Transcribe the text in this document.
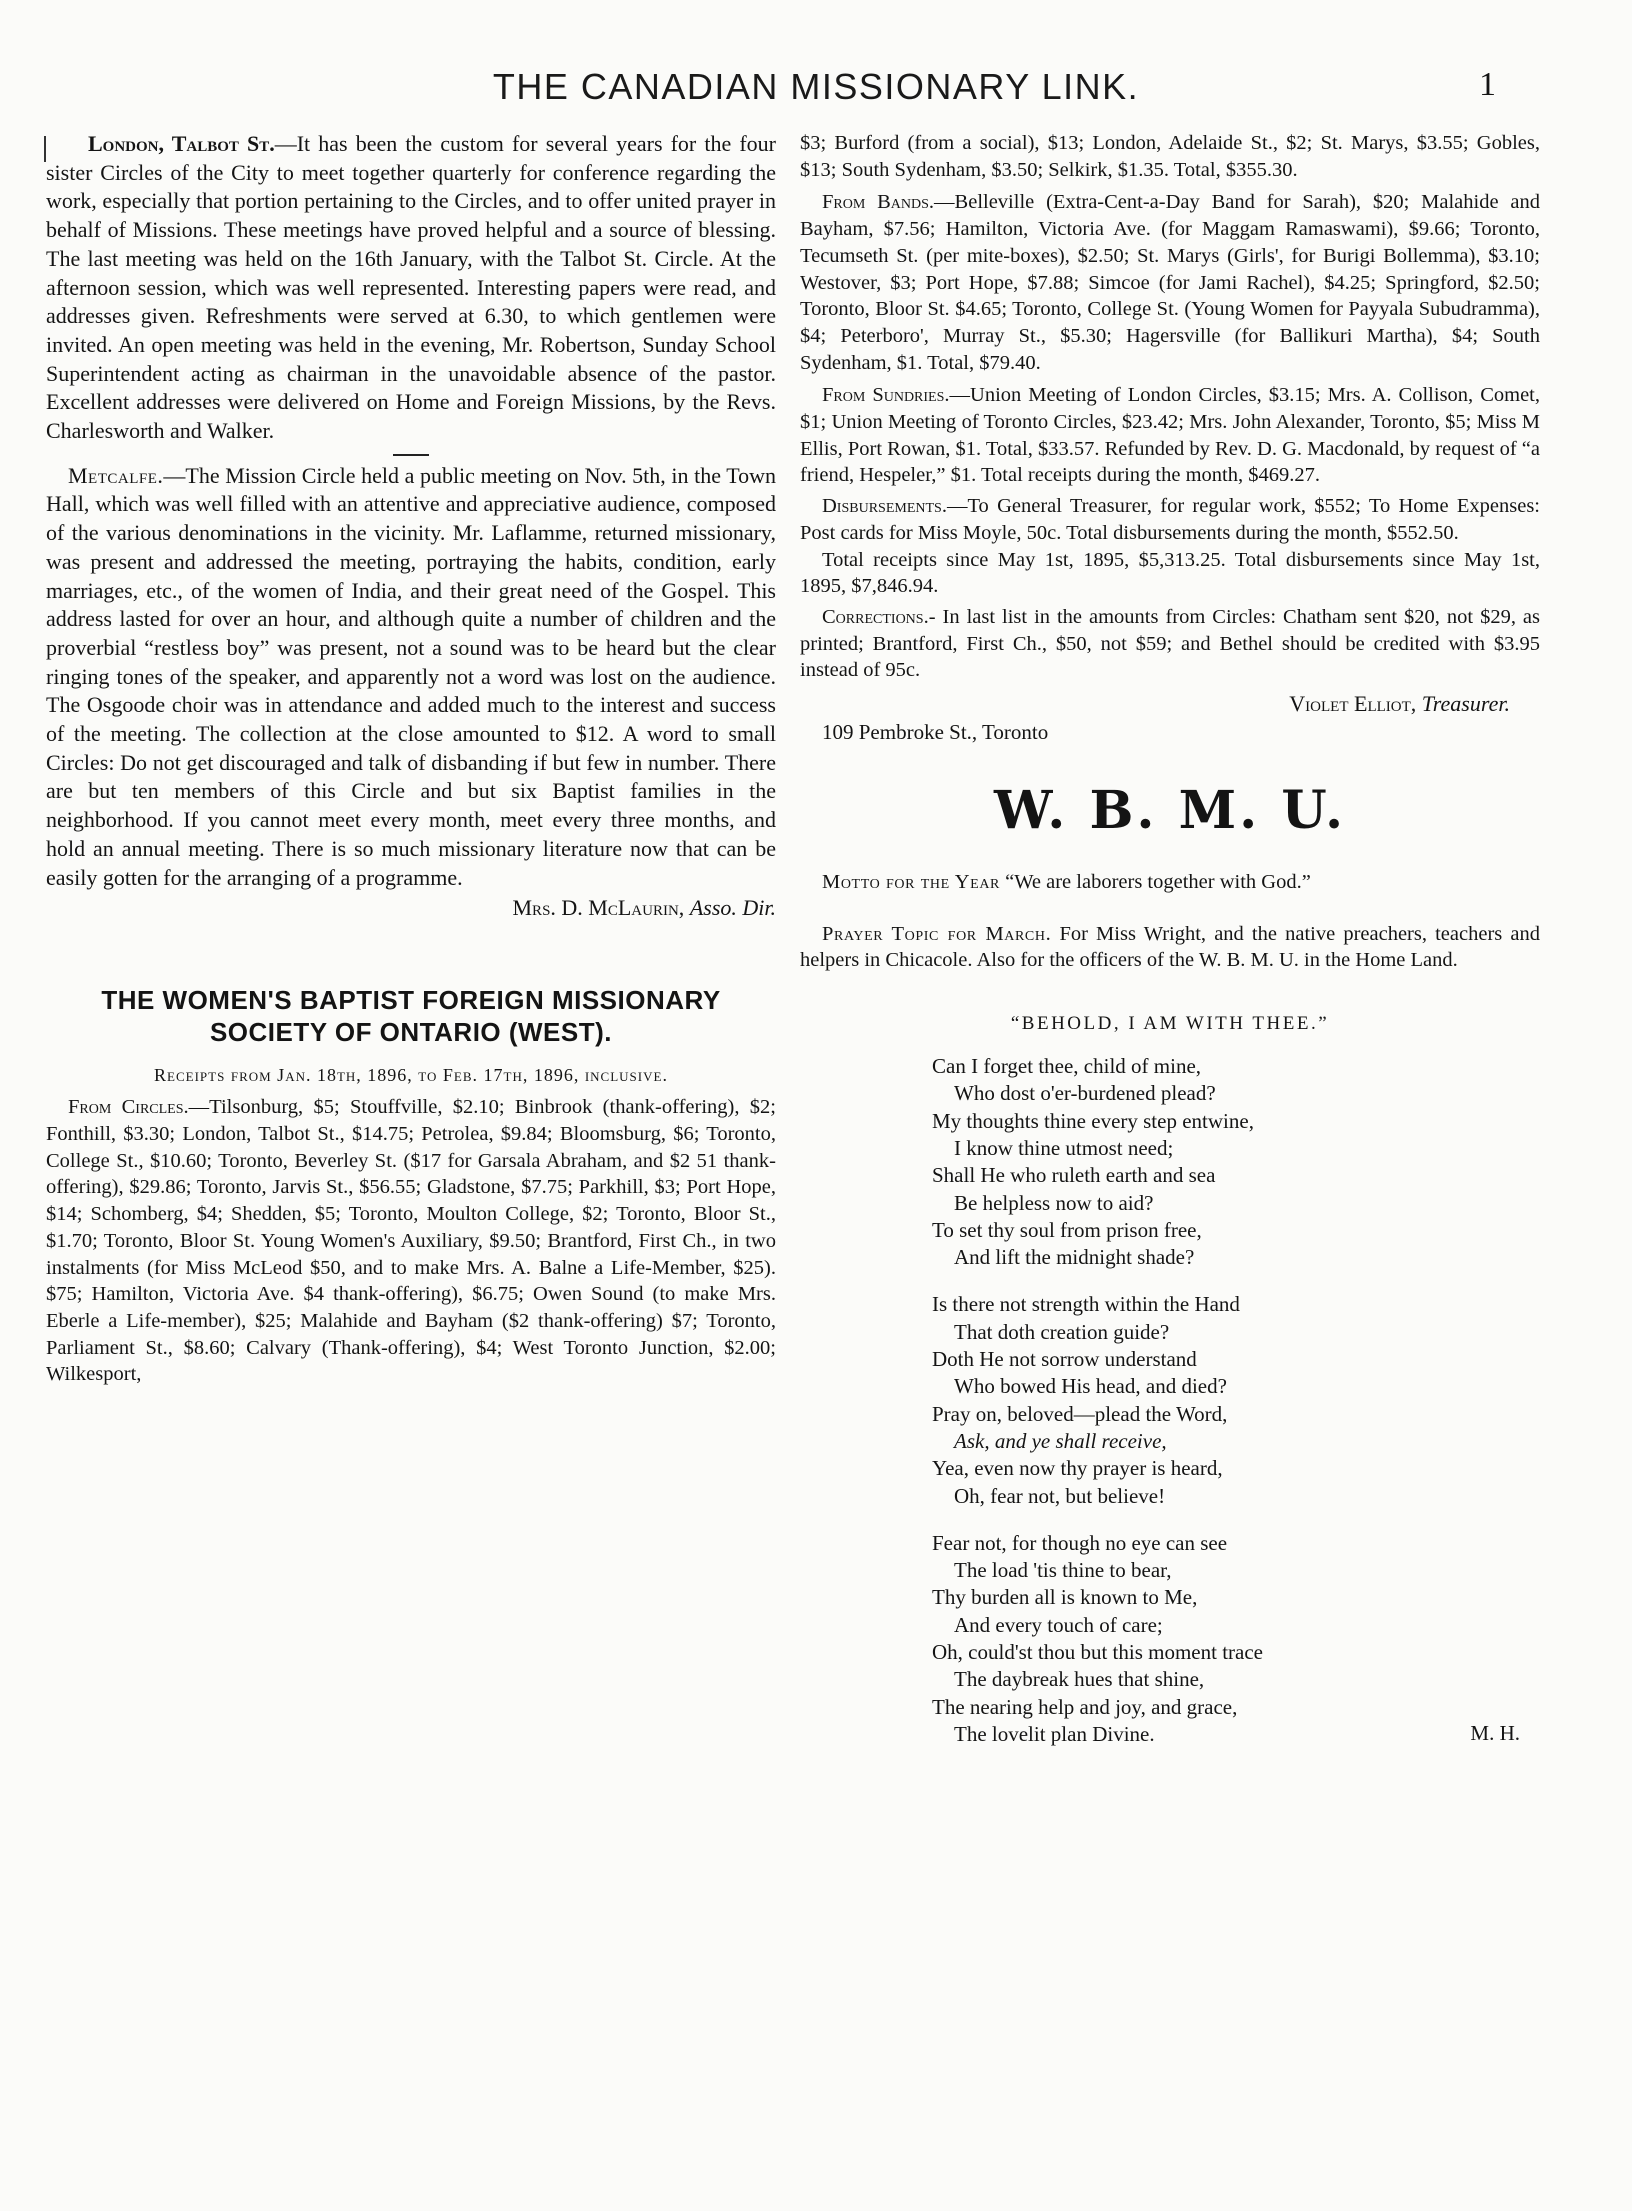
THE CANADIAN MISSIONARY LINK.	1

London, Talbot St.—It has been the custom for several years for the four sister Circles of the City to meet together quarterly for conference regarding the work, especially that portion pertaining to the Circles, and to offer united prayer in behalf of Missions. These meetings have proved helpful and a source of blessing. The last meeting was held on the 16th January, with the Talbot St. Circle. At the afternoon session, which was well represented. Interesting papers were read, and addresses given. Refreshments were served at 6.30, to which gentlemen were invited. An open meeting was held in the evening, Mr. Robertson, Sunday School Superintendent acting as chairman in the unavoidable absence of the pastor. Excellent addresses were delivered on Home and Foreign Missions, by the Revs. Charlesworth and Walker.

Metcalfe.—The Mission Circle held a public meeting on Nov. 5th, in the Town Hall, which was well filled with an attentive and appreciative audience, composed of the various denominations in the vicinity. Mr. Laflamme, returned missionary, was present and addressed the meeting, portraying the habits, condition, early marriages, etc., of the women of India, and their great need of the Gospel. This address lasted for over an hour, and although quite a number of children and the proverbial “restless boy” was present, not a sound was to be heard but the clear ringing tones of the speaker, and apparently not a word was lost on the audience. The Osgoode choir was in attendance and added much to the interest and success of the meeting. The collection at the close amounted to $12. A word to small Circles: Do not get discouraged and talk of disbanding if but few in number. There are but ten members of this Circle and but six Baptist families in the neighborhood. If you cannot meet every month, meet every three months, and hold an annual meeting. There is so much missionary literature now that can be easily gotten for the arranging of a programme.

Mrs. D. McLaurin, Asso. Dir.

THE WOMEN'S BAPTIST FOREIGN MISSIONARY

SOCIETY OF ONTARIO (WEST).

Receipts from Jan. 18th, 1896, to Feb. 17th, 1896, inclusive.

From Circles.—Tilsonburg, $5; Stouffville, $2.10; Binbrook (thank-offering), $2; Fonthill, $3.30; London, Talbot St., $14.75; Petrolea, $9.84; Bloomsburg, $6; Toronto, College St., $10.60; Toronto, Beverley St. ($17 for Garsala Abraham, and $2 51 thank-offering), $29.86; Toronto, Jarvis St., $56.55; Gladstone, $7.75; Parkhill, $3; Port Hope, $14; Schomberg, $4; Shedden, $5; Toronto, Moulton College, $2; Toronto, Bloor St., $1.70; Toronto, Bloor St. Young Women's Auxiliary, $9.50; Brantford, First Ch., in two instalments (for Miss McLeod $50, and to make Mrs. A. Balne a Life-Member, $25). $75; Hamilton, Victoria Ave. $4 thank-offering), $6.75; Owen Sound (to make Mrs. Eberle a Life-member), $25; Malahide and Bayham ($2 thank-offering) $7; Toronto, Parliament St., $8.60; Calvary (Thank-offering), $4; West Toronto Junction, $2.00; Wilkesport,

$3; Burford (from a social), $13; London, Adelaide St., $2; St. Marys, $3.55; Gobles, $13; South Sydenham, $3.50; Selkirk, $1.35. Total, $355.30.

From Bands.—Belleville (Extra-Cent-a-Day Band for Sarah), $20; Malahide and Bayham, $7.56; Hamilton, Victoria Ave. (for Maggam Ramaswami), $9.66; Toronto, Tecumseth St. (per mite-boxes), $2.50; St. Marys (Girls', for Burigi Bollemma), $3.10; Westover, $3; Port Hope, $7.88; Simcoe (for Jami Rachel), $4.25; Springford, $2.50; Toronto, Bloor St. $4.65; Toronto, College St. (Young Women for Payyala Subudramma), $4; Peterboro', Murray St., $5.30; Hagersville (for Ballikuri Martha), $4; South Sydenham, $1. Total, $79.40.

From Sundries.—Union Meeting of London Circles, $3.15; Mrs. A. Collison, Comet, $1; Union Meeting of Toronto Circles, $23.42; Mrs. John Alexander, Toronto, $5; Miss M Ellis, Port Rowan, $1. Total, $33.57. Refunded by Rev. D. G. Macdonald, by request of “a friend, Hespeler,” $1. Total receipts during the month, $469.27.

Disbursements.—To General Treasurer, for regular work, $552; To Home Expenses: Post cards for Miss Moyle, 50c. Total disbursements during the month, $552.50.

Total receipts since May 1st, 1895, $5,313.25. Total disbursements since May 1st, 1895, $7,846.94.

Corrections.- In last list in the amounts from Circles: Chatham sent $20, not $29, as printed; Brantford, First Ch., $50, not $59; and Bethel should be credited with $3.95 instead of 95c.

Violet Elliot, Treasurer.

109 Pembroke St., Toronto

W. B. M. U.

Motto for the Year “We are laborers together with God.”

Prayer Topic for March. For Miss Wright, and the native preachers, teachers and helpers in Chicacole. Also for the officers of the W. B. M. U. in the Home Land.

“BEHOLD, I AM WITH THEE.”

Can I forget thee, child of mine,
Who dost o'er-burdened plead?
My thoughts thine every step entwine,
I know thine utmost need;
Shall He who ruleth earth and sea
Be helpless now to aid?
To set thy soul from prison free,
And lift the midnight shade?
Is there not strength within the Hand
That doth creation guide?
Doth He not sorrow understand
Who bowed His head, and died?
Pray on, beloved—plead the Word,
Ask, and ye shall receive,
Yea, even now thy prayer is heard,
Oh, fear not, but believe!
Fear not, for though no eye can see
The load 'tis thine to bear,
Thy burden all is known to Me,
And every touch of care;
Oh, could'st thou but this moment trace
The daybreak hues that shine,
The nearing help and joy, and grace,
The lovelit plan Divine.	M. H.
